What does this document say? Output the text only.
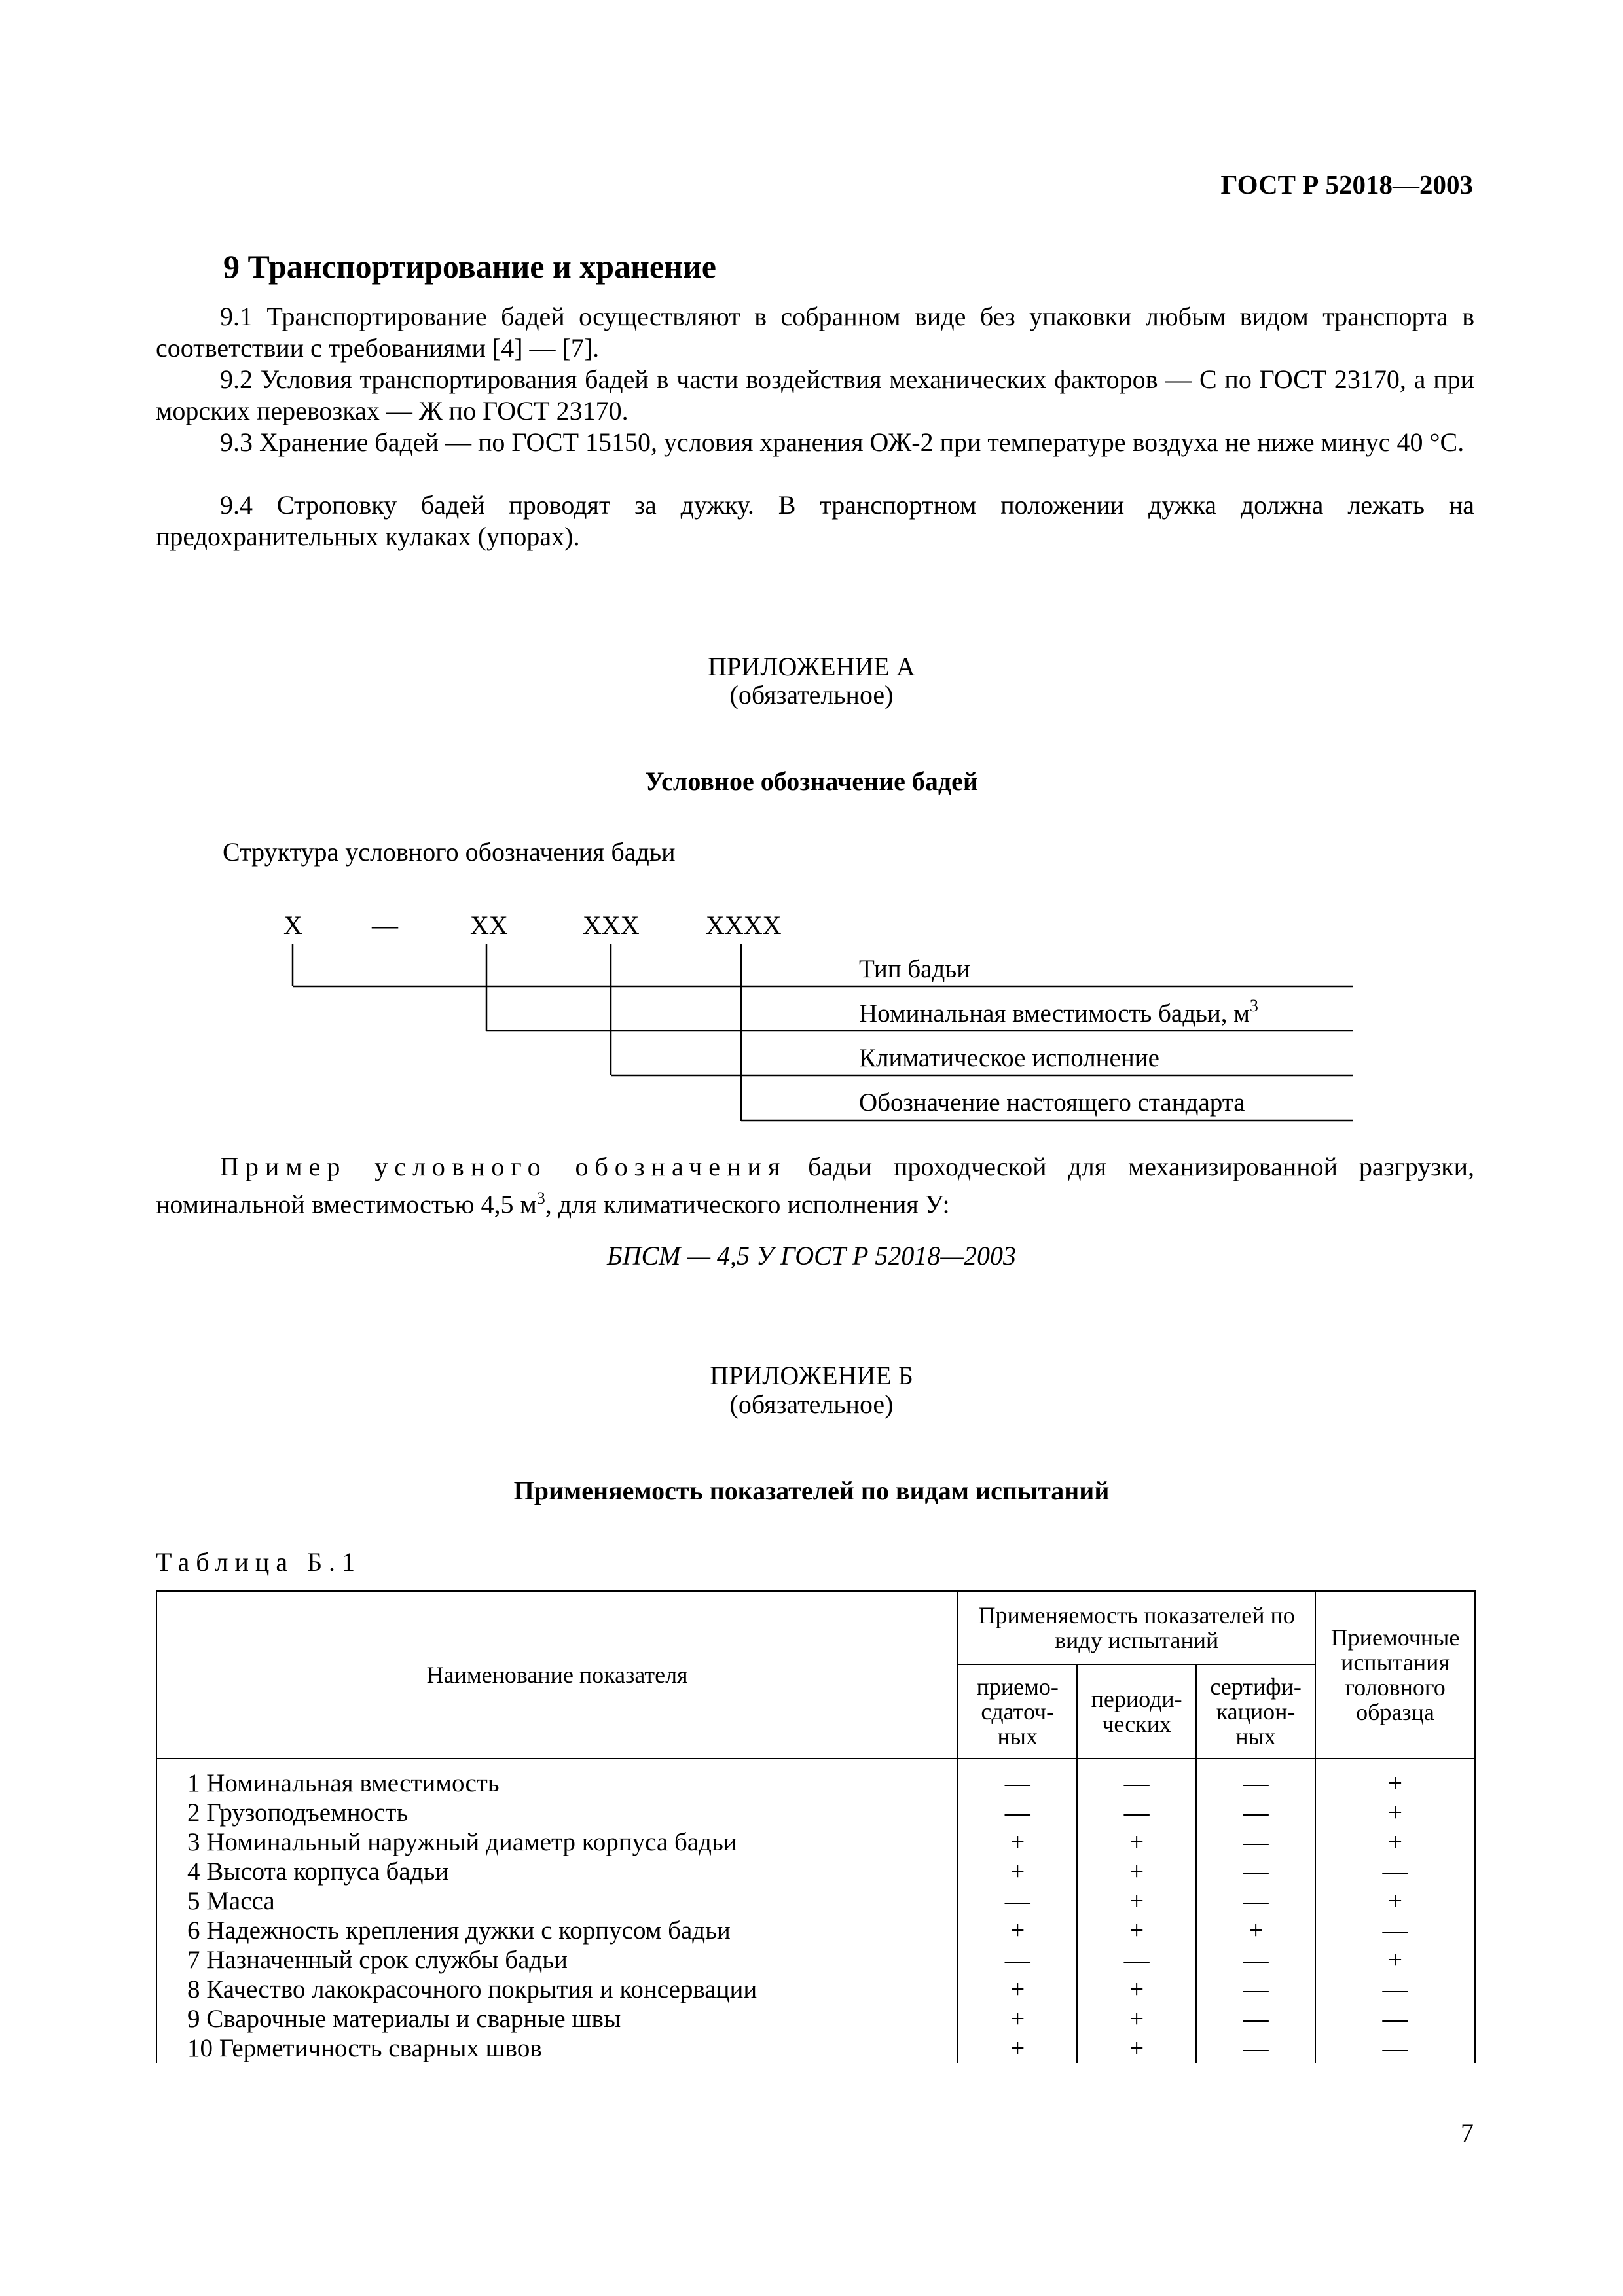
ГОСТ Р 52018—2003
9 Транспортирование и хранение
9.1 Транспортирование бадей осуществляют в собранном виде без упаковки любым видом транспорта в соответствии с требованиями [4] — [7].
9.2 Условия транспортирования бадей в части воздействия механических факторов — С по ГОСТ 23170, а при морских перевозках — Ж по ГОСТ 23170.
9.3 Хранение бадей — по ГОСТ 15150, условия хранения ОЖ-2 при температуре воздуха не ниже минус 40 °С.
9.4 Строповку бадей проводят за дужку. В транспортном положении дужка должна лежать на предохранительных кулаках (упорах).
ПРИЛОЖЕНИЕ А
(обязательное)
Условное обозначение бадей
Структура условного обозначения бадьи
Х	—	ХХ	ХХХ	ХХХХ
Тип бадьи
Номинальная вместимость бадьи, $м^3$
Климатическое исполнение
Обозначение настоящего стандарта
Пример условного обозначения бадьи проходческой для механизированной разгрузки,
номинальной вместимостью 4,5 $м^3$, для климатического исполнения У:
БПСМ — 4,5 У ГОСТ Р 52018—2003
ПРИЛОЖЕНИЕ Б
(обязательное)
Применяемость показателей по видам испытаний
Таблица Б.1
Наименование показателя	Применяемость показателей по виду испытаний			Приемочные испытания головного образца
	приемо-сдаточ-ных	периоди-ческих	сертифи-кацион-ных	
1 Номинальная вместимость	—	—	—	+
2 Грузоподъемность	—	—	—	+
3 Номинальный наружный диаметр корпуса бадьи	+	+	—	+
4 Высота корпуса бадьи	+	+	—	—
5 Масса	—	+	—	+
6 Надежность крепления дужки с корпусом бадьи	+	+	+	—
7 Назначенный срок службы бадьи	—	—	—	+
8 Качество лакокрасочного покрытия и консервации	+	+	—	—
9 Сварочные материалы и сварные швы	+	+	—	—
10 Герметичность сварных швов	+	+	—	—
7
